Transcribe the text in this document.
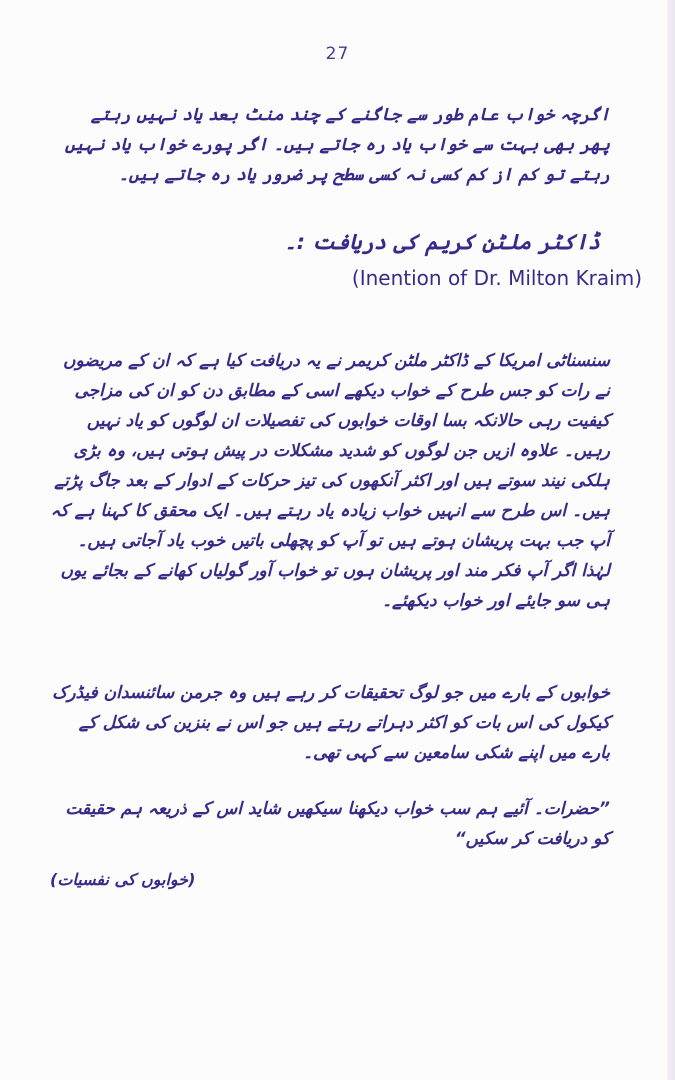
27

اگرچہ خواب عام طور سے جاگنے کے چند منٹ بعد یاد نہیں رہتے پھر بھی بہت سے خواب یاد رہ جاتے ہیں۔ اگر پورے خواب یاد نہیں رہتے تو کم از کم کسی نہ کسی سطح پر ضرور یاد رہ جاتے ہیں۔

ڈاکٹر ملٹن کریم کی دریافت :۔
(Inention of Dr. Milton Kraim)

سنسناٹی امریکا کے ڈاکٹر ملٹن کریمر نے یہ دریافت کیا ہے کہ ان کے مریضوں نے رات کو جس طرح کے خواب دیکھے اسی کے مطابق دن کو ان کی مزاجی کیفیت رہی حالانکہ بسا اوقات خوابوں کی تفصیلات ان لوگوں کو یاد نہیں رہیں۔ علاوہ ازیں جن لوگوں کو شدید مشکلات در پیش ہوتی ہیں، وہ بڑی ہلکی نیند سوتے ہیں اور اکثر آنکھوں کی تیز حرکات کے ادوار کے بعد جاگ پڑتے ہیں۔ اس طرح سے انہیں خواب زیادہ یاد رہتے ہیں۔ ایک محقق کا کہنا ہے کہ آپ جب بہت پریشان ہوتے ہیں تو آپ کو پچھلی باتیں خوب یاد آجاتی ہیں۔ لہٰذا اگر آپ فکر مند اور پریشان ہوں تو خواب آور گولیاں کھانے کے بجائے یوں ہی سو جایئے اور خواب دیکھئے۔

خوابوں کے بارے میں جو لوگ تحقیقات کر رہے ہیں وہ جرمن سائنسدان فیڈرک کیکول کی اس بات کو اکثر دہراتے رہتے ہیں جو اس نے بنزین کی شکل کے بارے میں اپنے شکی سامعین سے کہی تھی۔

”حضرات۔ آئیے ہم سب خواب دیکھنا سیکھیں شاید اس کے ذریعہ ہم حقیقت کو دریافت کر سکیں“

(خوابوں کی نفسیات)
